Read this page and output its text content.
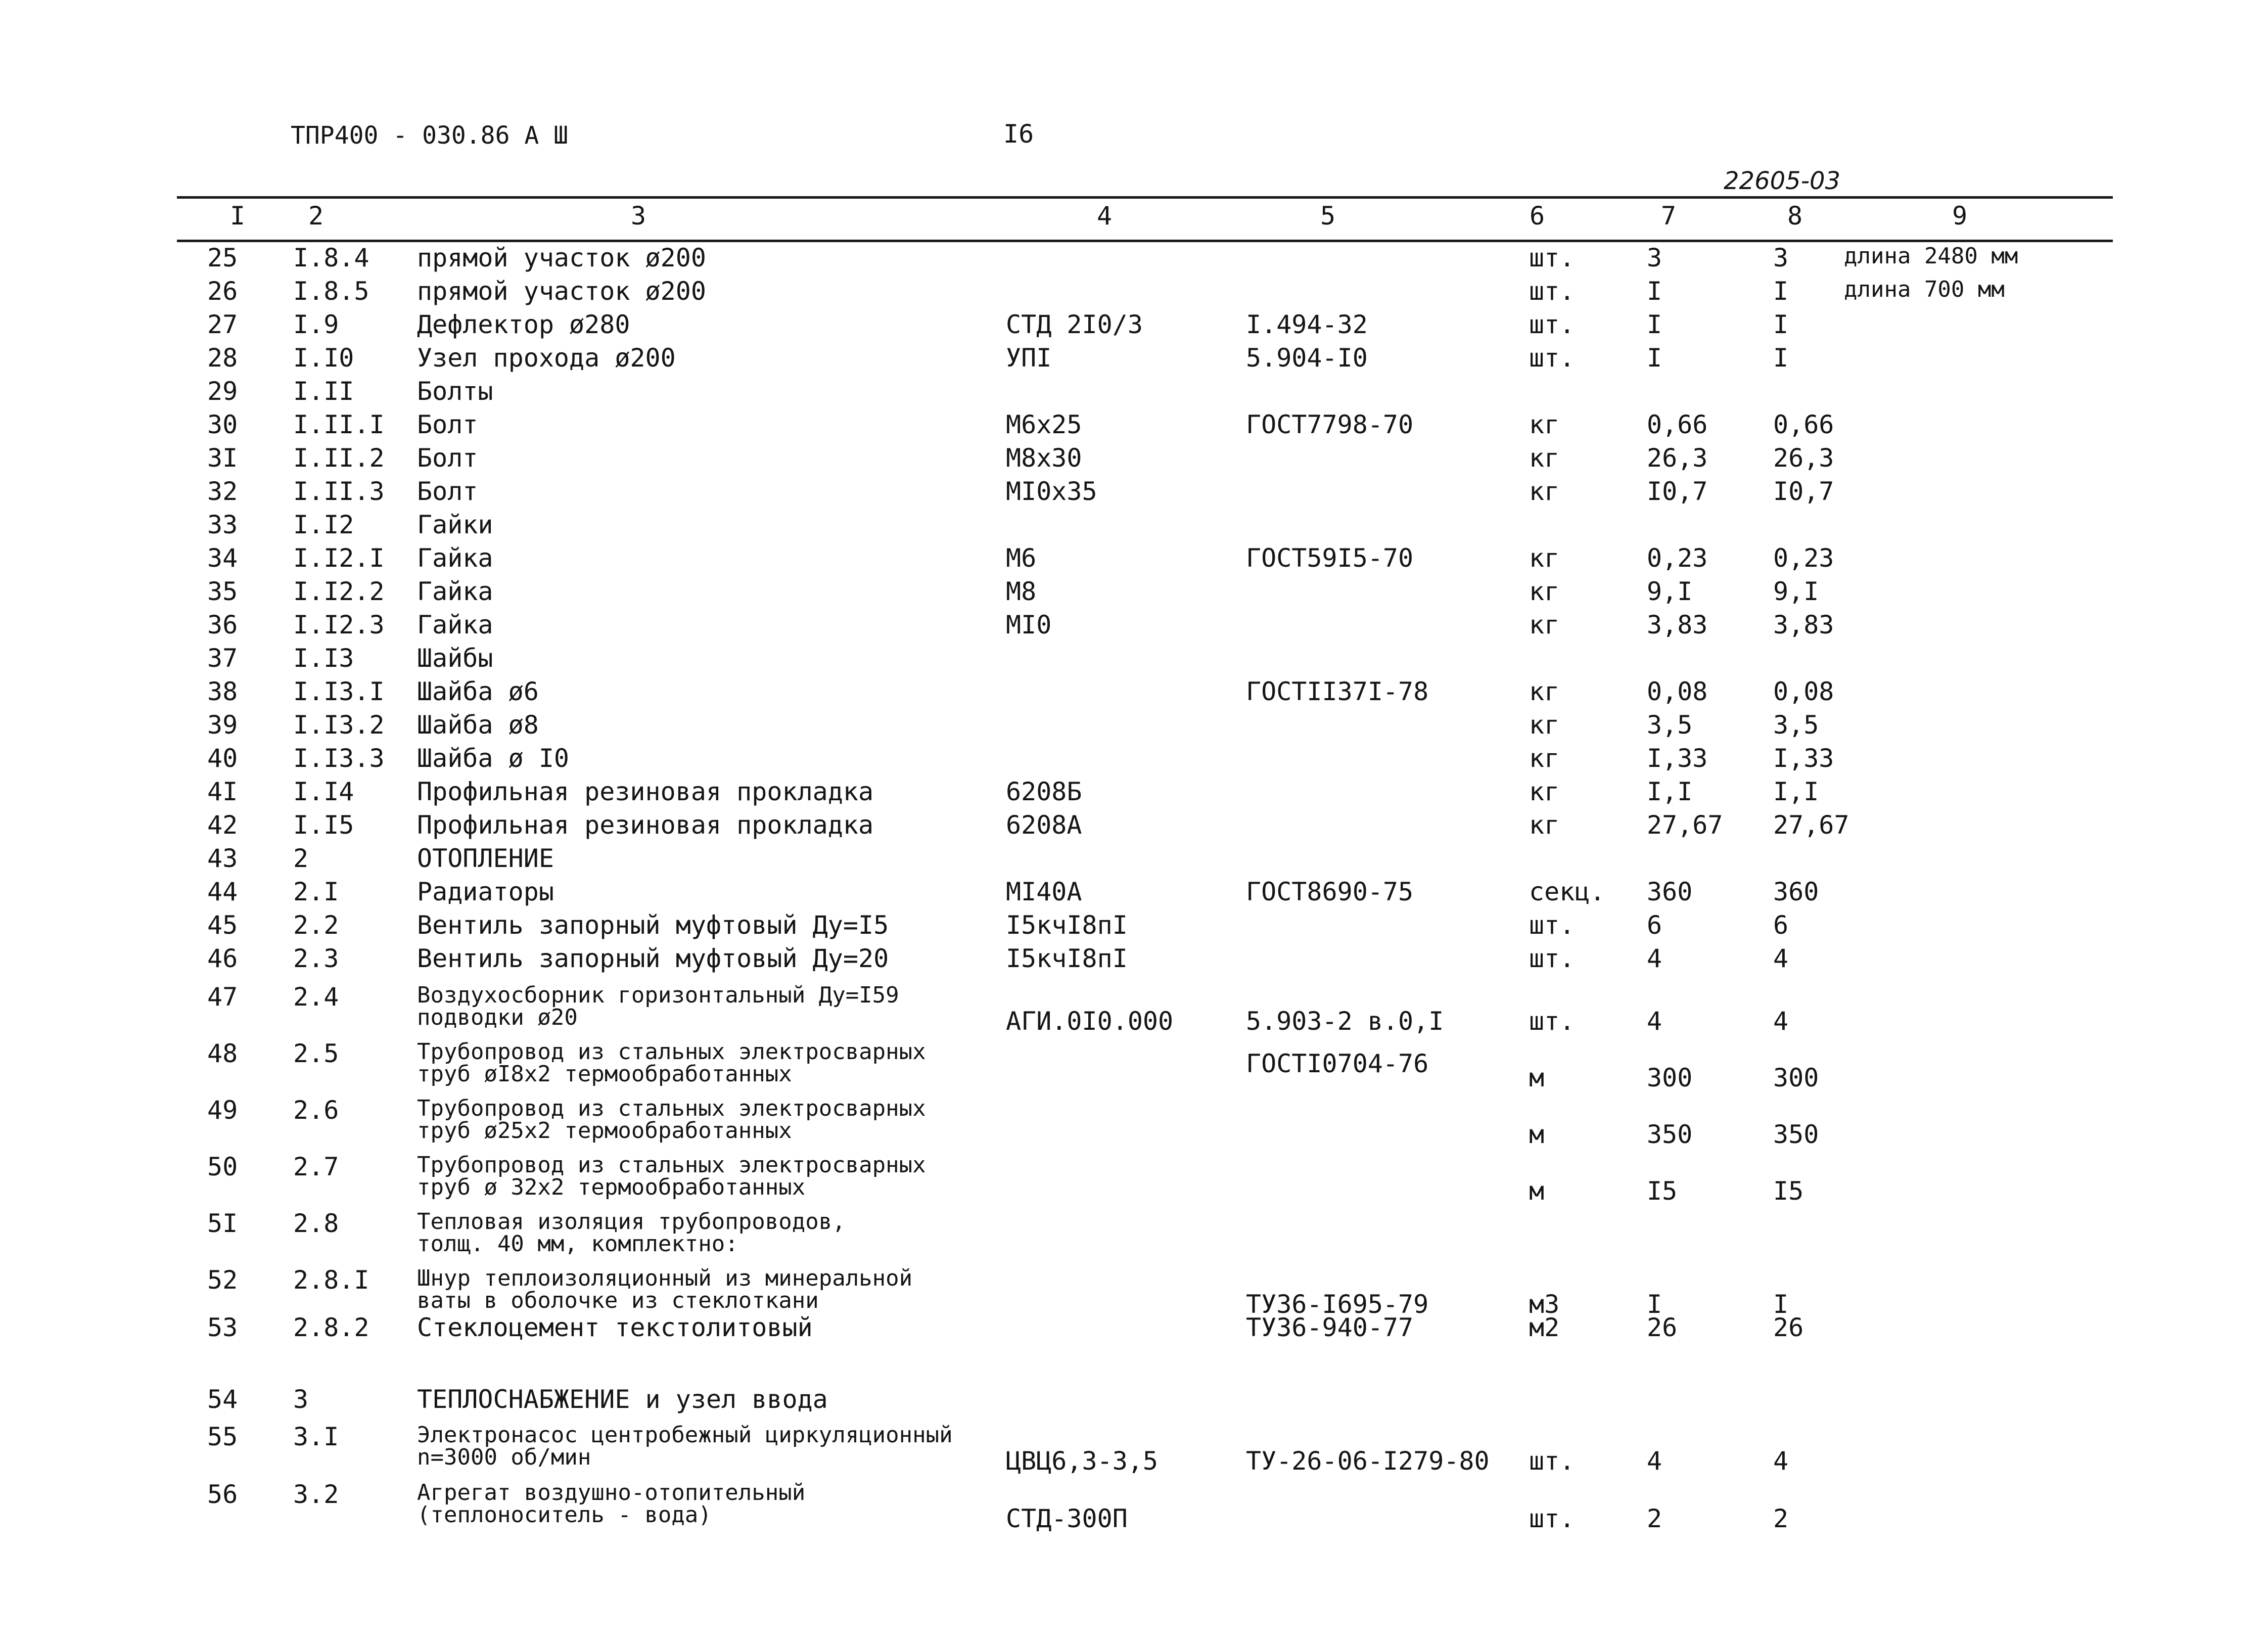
ТПР400 - 030.86 А Ш	I6
22605-03
I 2	3	4	5	6	7	8	9
25 I.8.4 прямой участок ø200	шт.	3	3 длина 2480 мм
26 I.8.5 прямой участок ø200	шт.	I	I длина 700 мм
27 I.9	Дефлектор ø280	СТД 2I0/3	I.494-32	шт.	I	I
28 I.I0 Узел прохода ø200	УПI	5.904-I0	шт.	I	I
29 I.II Болты
30 I.II.I Болт	М6х25	ГОСТ7798-70	кг	0,66	0,66
3I I.II.2 Болт	М8х30	кг	26,3	26,3
32 I.II.3 Болт	МI0х35	кг	I0,7	I0,7
33 I.I2 Гайки
34 I.I2.I Гайка	М6	ГОСТ59I5-70	кг	0,23	0,23
35 I.I2.2 Гайка	М8	кг	9,I	9,I
36 I.I2.3 Гайка	МI0	кг	3,83	3,83
37 I.I3 Шайбы
38 I.I3.I Шайба ø6	ГОСТII37I-78	кг	0,08	0,08
39 I.I3.2 Шайба ø8	кг	3,5	3,5
40 I.I3.3 Шайба ø I0	кг	I,33	I,33
4I I.I4 Профильная резиновая прокладка	6208Б	кг	I,I	I,I
42 I.I5 Профильная резиновая прокладка	6208А	кг	27,67 27,67
43 2	ОТОПЛЕНИЕ
44 2.I	Радиаторы	МI40А	ГОСТ8690-75	секц. 360	360
45 2.2	Вентиль запорный муфтовый Ду=I5	I5кчI8пI	шт.	6	6
46 2.3	Вентиль запорный муфтовый Ду=20	I5кчI8пI	шт.	4	4
47 2.4	Воздухосборник горизонтальный Ду=I59
подводки ø20	АГИ.0I0.000	5.903-2 в.0,I	шт.	4	4
48 2.5	Трубопровод из стальных электросварных
труб øI8х2 термообработанных	ГОСТI0704-76	м	300	300
49 2.6	Трубопровод из стальных электросварных
труб ø25х2 термообработанных	м	350	350
50 2.7	Трубопровод из стальных электросварных
труб ø 32х2 термообработанных	м	I5	I5
5I 2.8	Тепловая изоляция трубопроводов,
толщ. 40 мм, комплектно:
52 2.8.I Шнур теплоизоляционный из минеральной
ваты в оболочке из стеклоткани	ТУ36-I695-79	м3	I	I
53 2.8.2 Стеклоцемент текстолитовый	ТУ36-940-77	м2	26	26
54 3	ТЕПЛОСНАБЖЕНИЕ и узел ввода
55 3.I	Электронасос центробежный циркуляционный
n=3000 об/мин	ЦВЦ6,3-3,5	ТУ-26-06-I279-80 шт.	4	4
56 3.2	Агрегат воздушно-отопительный
(теплоноситель - вода)	СТД-300П	шт.	2	2
